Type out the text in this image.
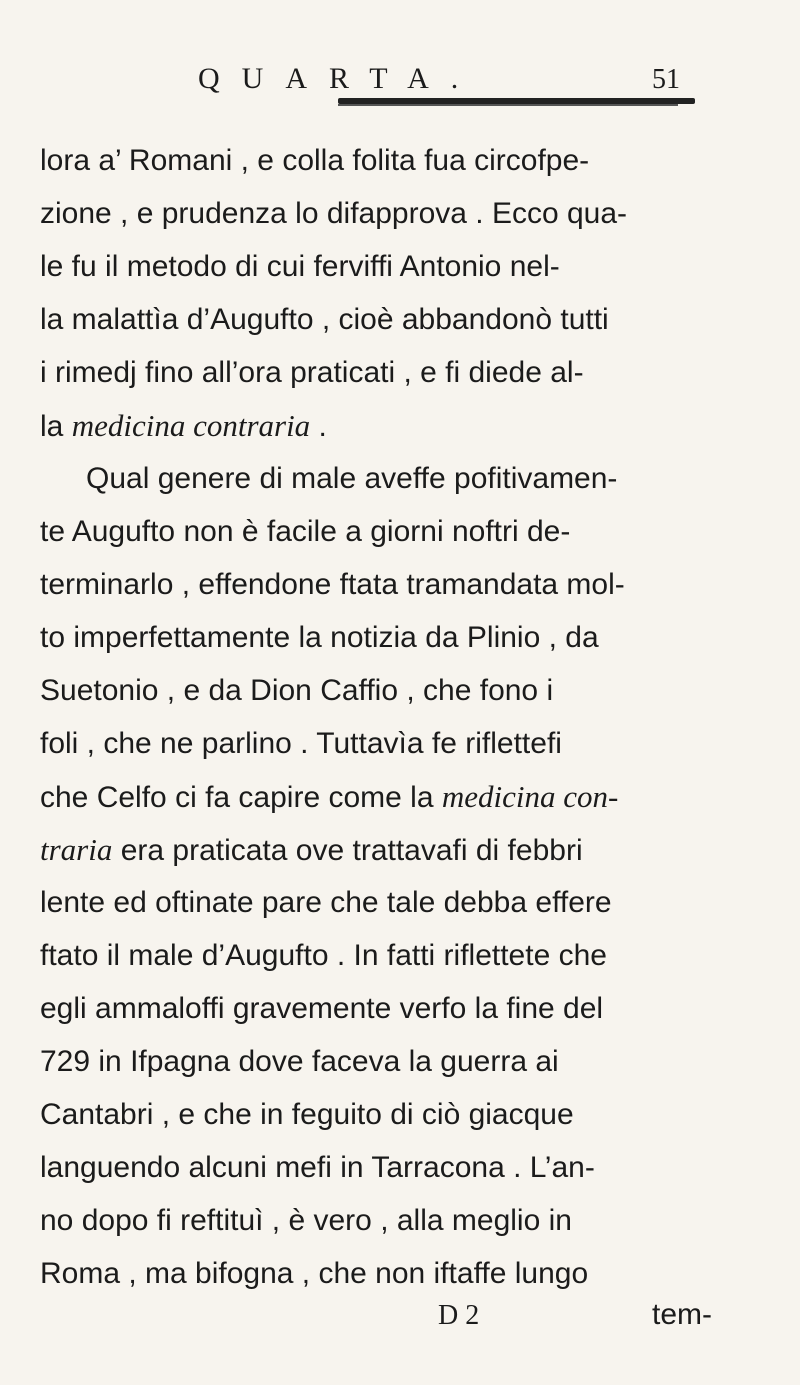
QUARTA.	51
lora a’ Romani , e colla folita fua circofpe-
zione , e prudenza lo difapprova . Ecco qua-
le fu il metodo di cui ferviffi Antonio nel-
la malattìa d’Augufto , cioè abbandonò tutti
i rimedj fino all’ora praticati , e fi diede al-
la medicina contraria .
Qual genere di male aveffe pofitivamen-
te Augufto non è facile a giorni noftri de-
terminarlo , effendone ftata tramandata mol-
to imperfettamente la notizia da Plinio , da
Suetonio , e da Dion Caffio , che fono i
foli , che ne parlino . Tuttavìa fe riflettefi
che Celfo ci fa capire come la medicina con-
traria era praticata ove trattavafi di febbri
lente ed oftinate pare che tale debba effere
ftato il male d’Augufto . In fatti riflettete che
egli ammaloffi gravemente verfo la fine del
729 in Ifpagna dove faceva la guerra ai
Cantabri , e che in feguito di ciò giacque
languendo alcuni mefi in Tarracona . L’an-
no dopo fi reftituì , è vero , alla meglio in
Roma , ma bifogna , che non iftaffe lungo
D 2	tem-
